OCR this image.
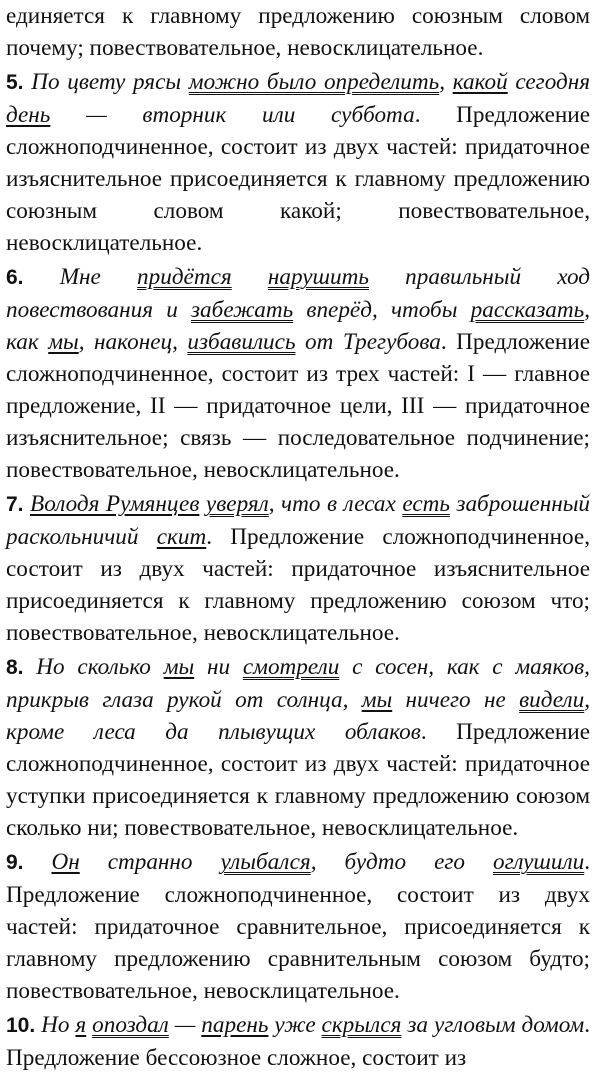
единяется к главному предложению союзным словом почему; повествовательное, невосклицательное.

5. По цвету рясы можно было определить, какой сегодня день — вторник или суббота. Предложение сложноподчиненное, состоит из двух частей: придаточное изъяснительное присоединяется к главному предложению союзным словом какой; повествовательное, невосклицательное.

6. Мне придётся нарушить правильный ход повествования и забежать вперёд, чтобы рассказать, как мы, наконец, избавились от Трегубова. Предложение сложноподчиненное, состоит из трех частей: I — главное предложение, II — придаточное цели, III — придаточное изъяснительное; связь — последовательное подчинение; повествовательное, невосклицательное.

7. Володя Румянцев уверял, что в лесах есть заброшенный раскольничий скит. Предложение сложноподчиненное, состоит из двух частей: придаточное изъяснительное присоединяется к главному предложению союзом что; повествовательное, невосклицательное.

8. Но сколько мы ни смотрели с сосен, как с маяков, прикрыв глаза рукой от солнца, мы ничего не видели, кроме леса да плывущих облаков. Предложение сложноподчиненное, состоит из двух частей: придаточное уступки присоединяется к главному предложению союзом сколько ни; повествовательное, невосклицательное.

9. Он странно улыбался, будто его оглушили. Предложение сложноподчиненное, состоит из двух частей: придаточное сравнительное, присоединяется к главному предложению сравнительным союзом будто; повествовательное, невосклицательное.

10. Но я опоздал — парень уже скрылся за угловым домом. Предложение бессоюзное сложное, состоит из
